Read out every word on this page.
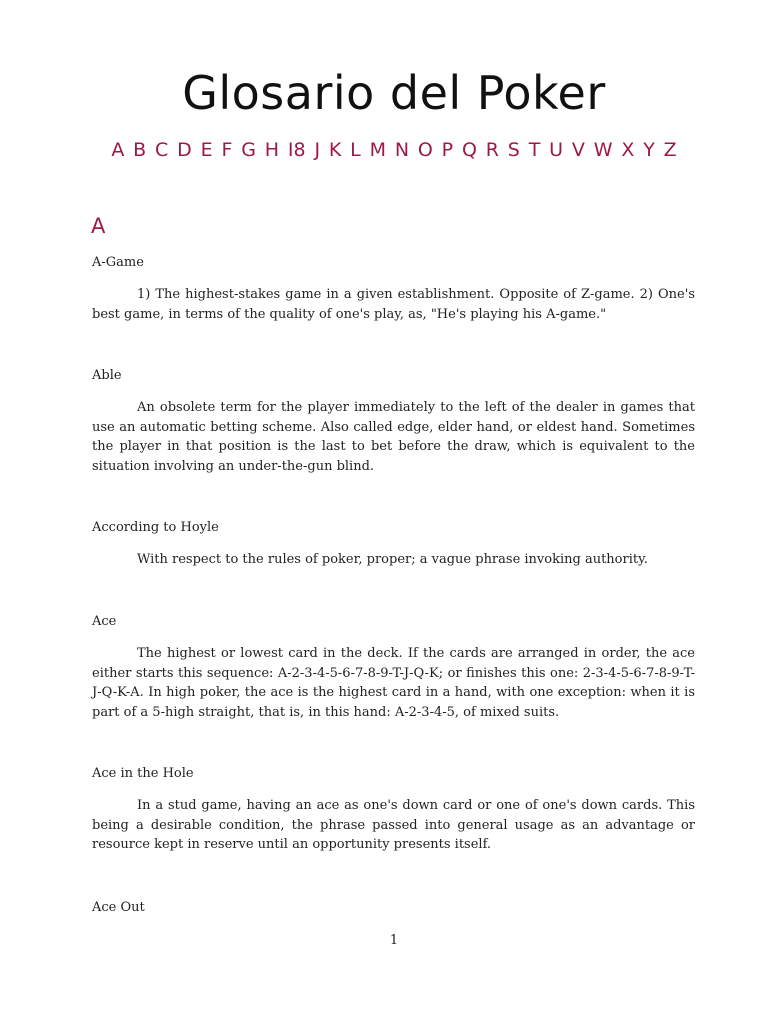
Glosario del Poker
A B C D E F G H I8 J K L M N O P Q R S T U V W X Y Z
A
A-Game

1) The highest-stakes game in a given establishment. Opposite of Z-game. 2) One's best game, in terms of the quality of one's play, as, "He's playing his A-game."

Able

An obsolete term for the player immediately to the left of the dealer in games that use an automatic betting scheme. Also called edge, elder hand, or eldest hand. Sometimes the player in that position is the last to bet before the draw, which is equivalent to the situation involving an under-the-gun blind.

According to Hoyle

With respect to the rules of poker, proper; a vague phrase invoking authority.

Ace

The highest or lowest card in the deck. If the cards are arranged in order, the ace either starts this sequence: A-2-3-4-5-6-7-8-9-T-J-Q-K; or finishes this one: 2-3-4-5-6-7-8-9-T-J-Q-K-A. In high poker, the ace is the highest card in a hand, with one exception: when it is part of a 5-high straight, that is, in this hand: A-2-3-4-5, of mixed suits.

Ace in the Hole

In a stud game, having an ace as one's down card or one of one's down cards. This being a desirable condition, the phrase passed into general usage as an advantage or resource kept in reserve until an opportunity presents itself.

Ace Out
1
